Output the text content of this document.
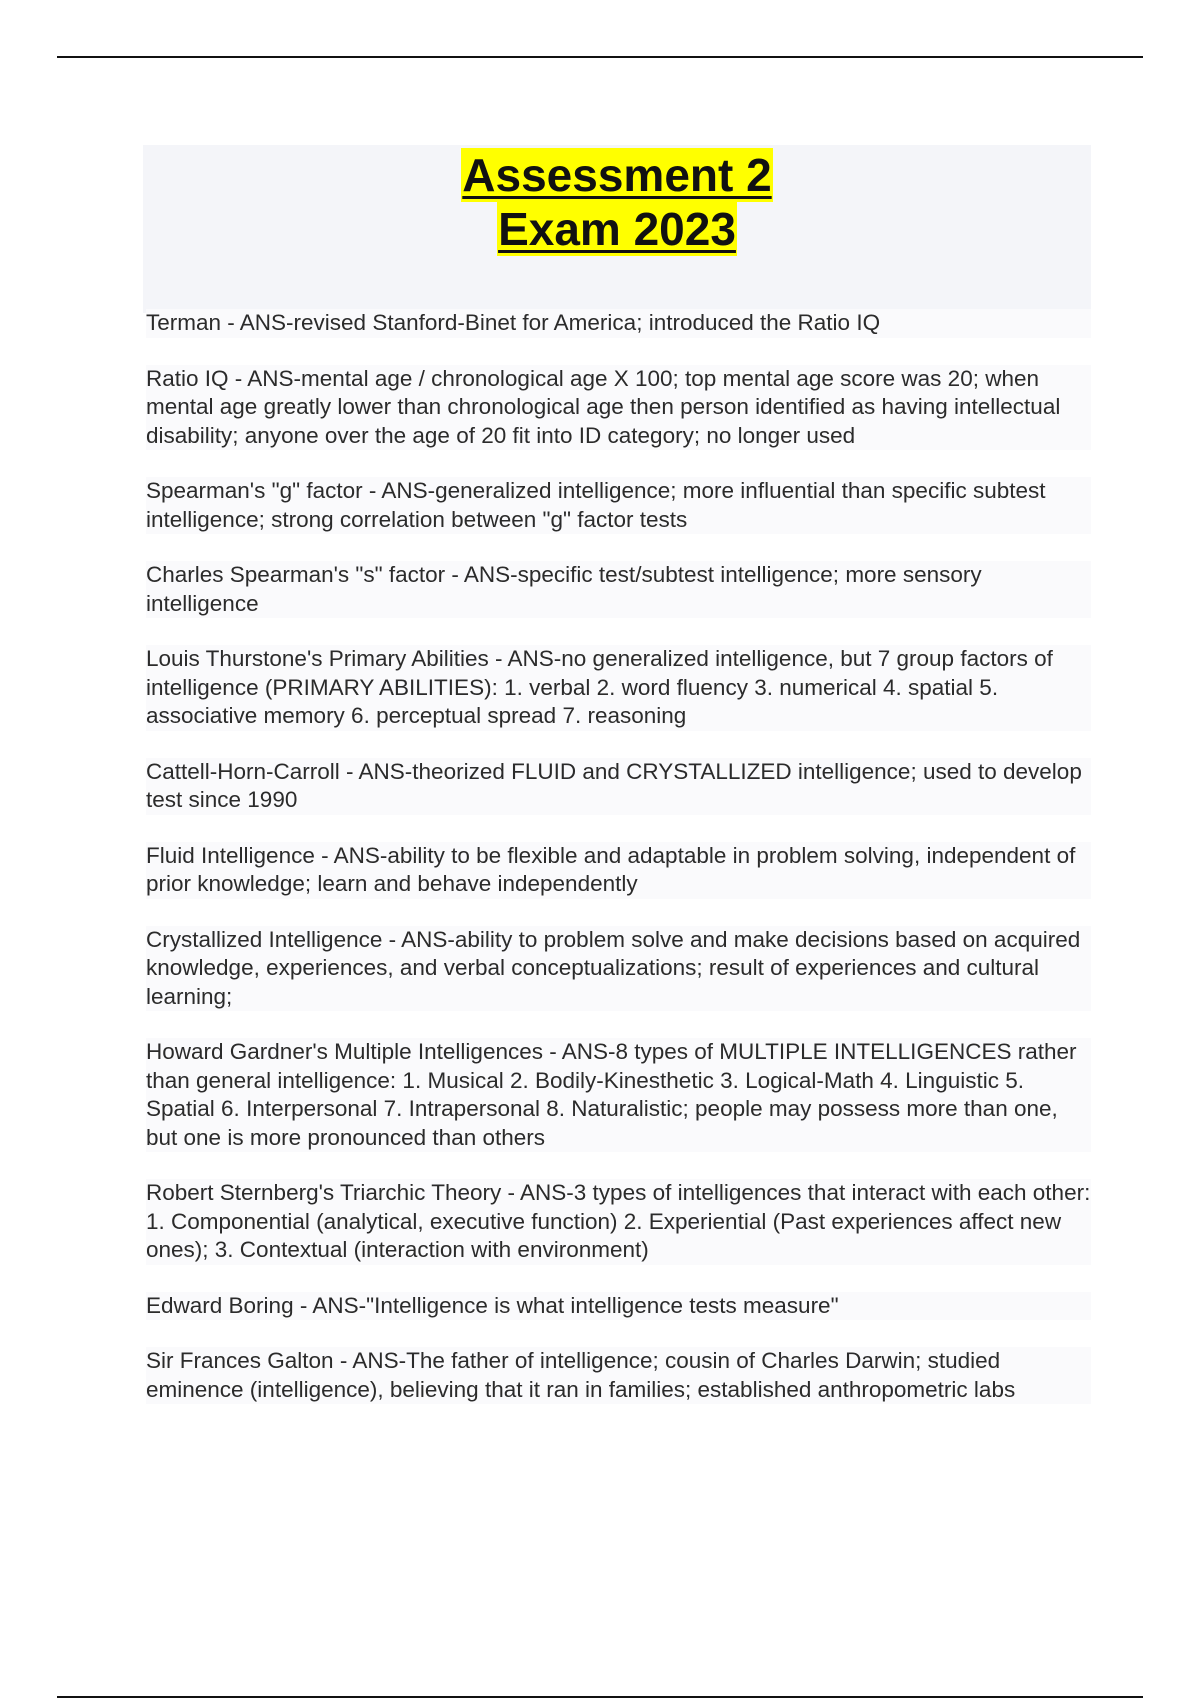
Assessment 2
Exam 2023
Terman - ANS-revised Stanford-Binet for America; introduced the Ratio IQ
Ratio IQ - ANS-mental age / chronological age X 100; top mental age score was 20; when mental age greatly lower than chronological age then person identified as having intellectual disability; anyone over the age of 20 fit into ID category; no longer used
Spearman's "g" factor - ANS-generalized intelligence; more influential than specific subtest intelligence; strong correlation between "g" factor tests
Charles Spearman's "s" factor - ANS-specific test/subtest intelligence; more sensory intelligence
Louis Thurstone's Primary Abilities - ANS-no generalized intelligence, but 7 group factors of intelligence (PRIMARY ABILITIES): 1. verbal 2. word fluency 3. numerical 4. spatial 5. associative memory 6. perceptual spread 7. reasoning
Cattell-Horn-Carroll - ANS-theorized FLUID and CRYSTALLIZED intelligence; used to develop test since 1990
Fluid Intelligence - ANS-ability to be flexible and adaptable in problem solving, independent of prior knowledge; learn and behave independently
Crystallized Intelligence - ANS-ability to problem solve and make decisions based on acquired knowledge, experiences, and verbal conceptualizations; result of experiences and cultural learning;
Howard Gardner's Multiple Intelligences - ANS-8 types of MULTIPLE INTELLIGENCES rather than general intelligence: 1. Musical 2. Bodily-Kinesthetic 3. Logical-Math 4. Linguistic 5. Spatial 6. Interpersonal 7. Intrapersonal 8. Naturalistic; people may possess more than one, but one is more pronounced than others
Robert Sternberg's Triarchic Theory - ANS-3 types of intelligences that interact with each other: 1. Componential (analytical, executive function) 2. Experiential (Past experiences affect new ones); 3. Contextual (interaction with environment)
Edward Boring - ANS-"Intelligence is what intelligence tests measure"
Sir Frances Galton - ANS-The father of intelligence; cousin of Charles Darwin; studied eminence (intelligence), believing that it ran in families; established anthropometric labs
